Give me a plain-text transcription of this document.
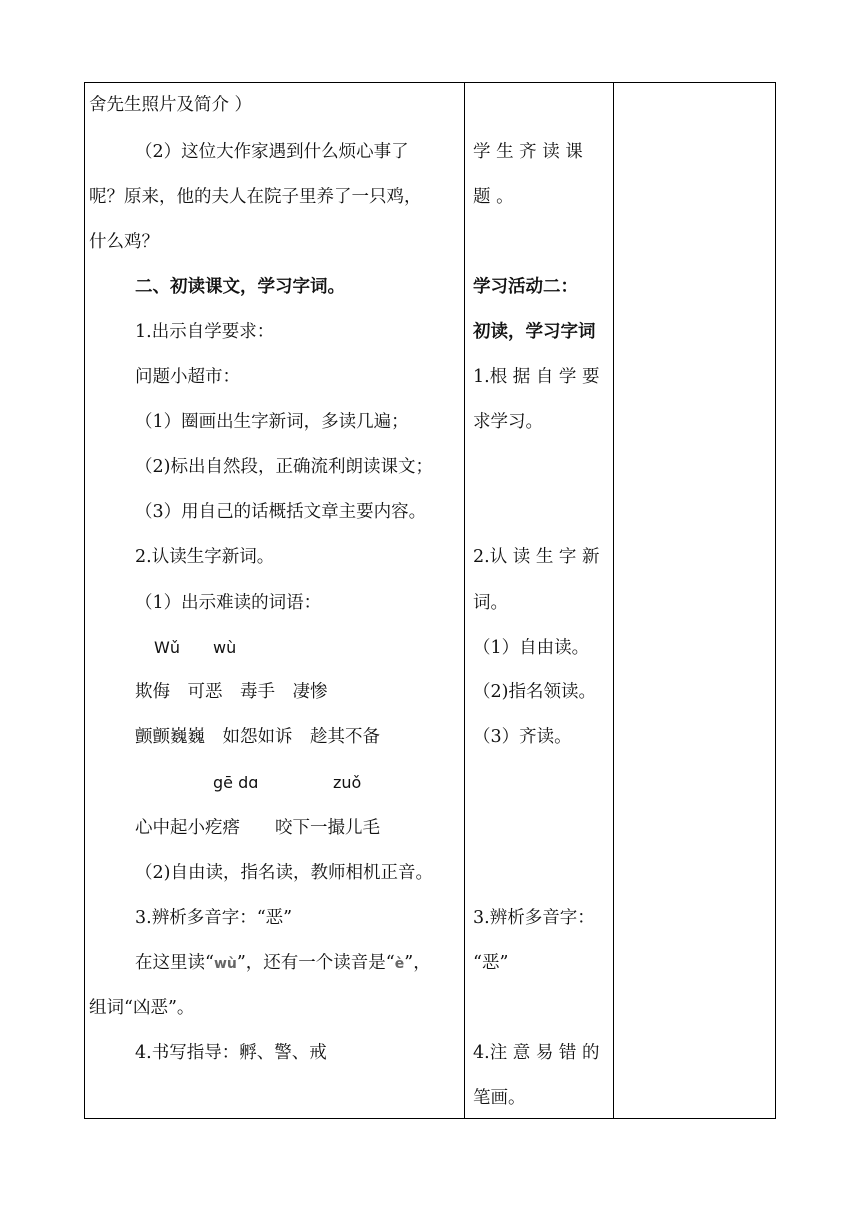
舍先生照片及简介 ）
（2）这位大作家遇到什么烦心事了
呢？原来，他的夫人在院子里养了一只鸡，
什么鸡？
二、初读课文，学习字词。
1.出示自学要求：
问题小超市：
（1）圈画出生字新词，多读几遍；
（2)标出自然段，正确流利朗读课文；
（3）用自己的话概括文章主要内容。
2.认读生字新词。
（1）出示难读的词语：
Wǔ wù
欺侮　可恶　毒手　凄惨
颤颤巍巍　如怨如诉　趁其不备
gē dɑ	zuǒ
心中起小疙瘩　　咬下一撮儿毛
（2)自由读，指名读，教师相机正音。
3.辨析多音字：“恶”
在这里读“wù”，还有一个读音是“è”，
组词“凶恶”。
4.书写指导：孵、警、戒
学 生 齐 读 课
题 。
学习活动二：
初读，学习字词
1.根 据 自 学 要
求学习。
2.认 读 生 字 新
词。
（1）自由读。
（2)指名领读。
（3）齐读。
3.辨析多音字：
“恶”
4.注 意 易 错 的
笔画。
